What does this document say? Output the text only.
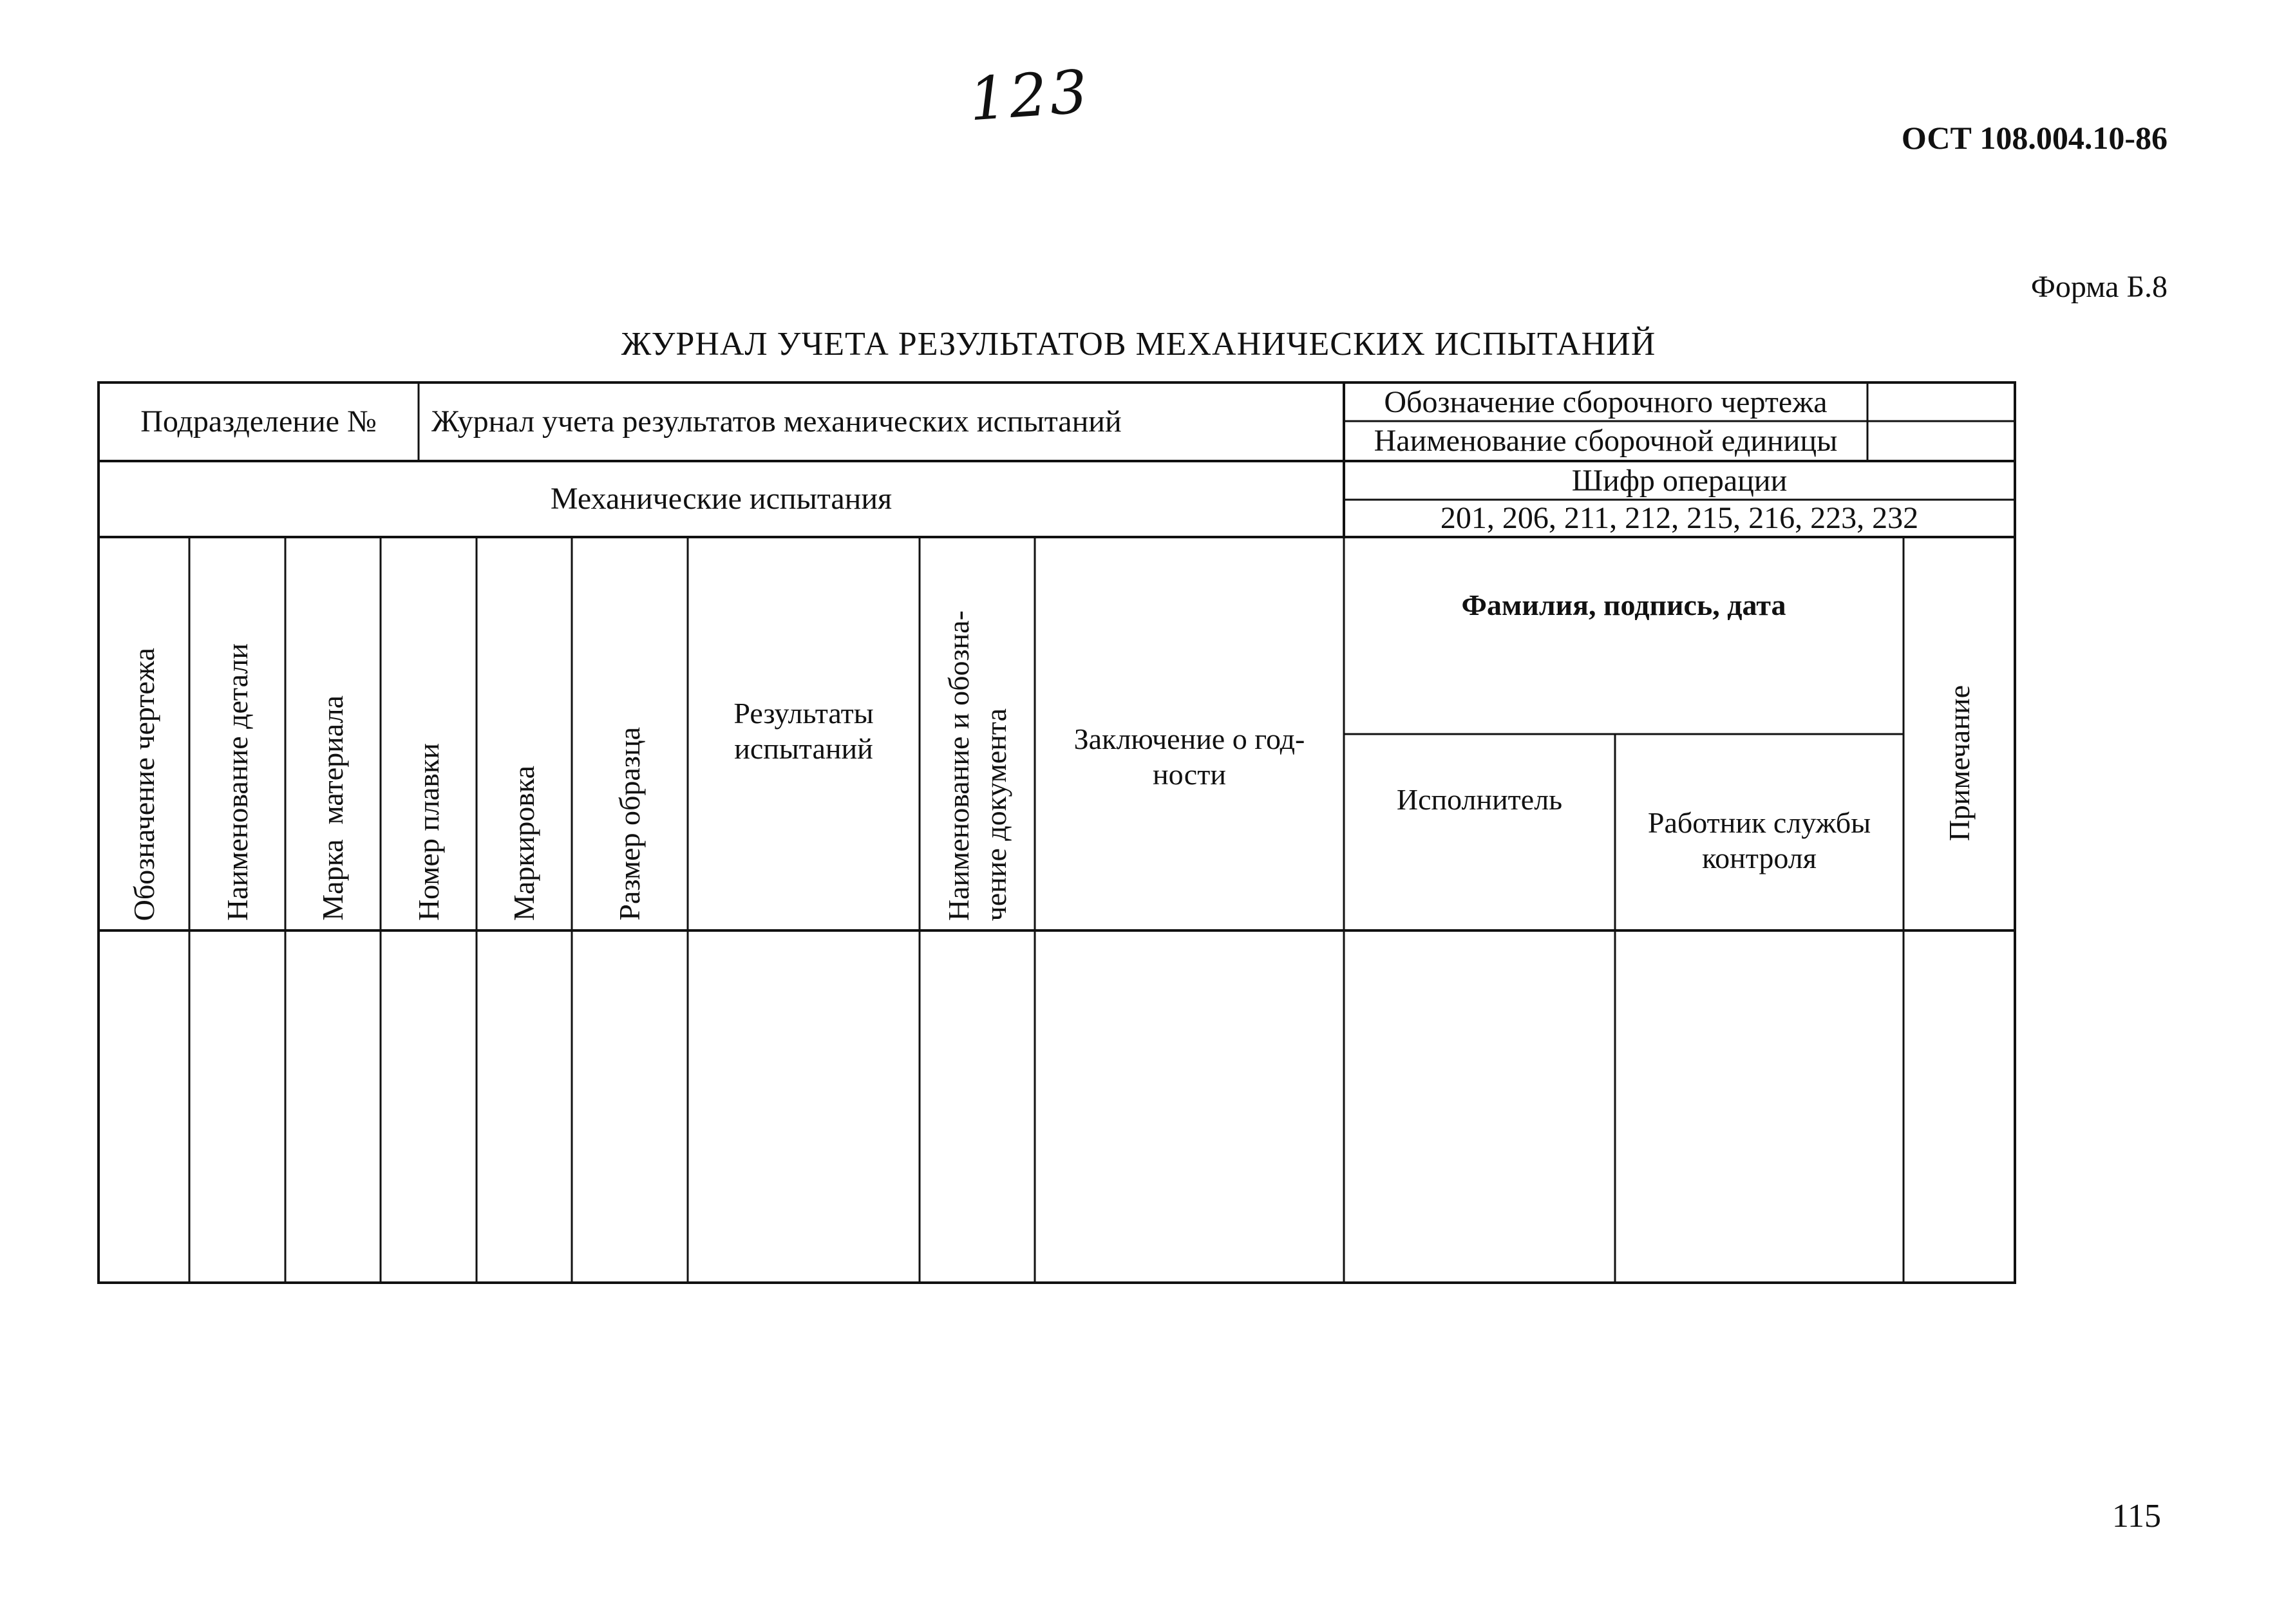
123
ОСТ 108.004.10-86
Форма Б.8
ЖУРНАЛ УЧЕТА РЕЗУЛЬТАТОВ МЕХАНИЧЕСКИХ ИСПЫТАНИЙ
Подразделение №	Журнал учета результатов механических испытаний
Обозначение сборочного чертежа
Наименование сборочной единицы
Механические испытания
Шифр операции
201, 206, 211, 212, 215, 216, 223, 232
Обозначение чертежа Наименование детали Марка  материала Номер плавки Маркировка Размер образца
Результаты испытаний Наименование и обозна- чение документа	Заключение о год-ности
Фамилия, подпись, дата
Исполнитель
Работник службы контроля
Примечание
115
